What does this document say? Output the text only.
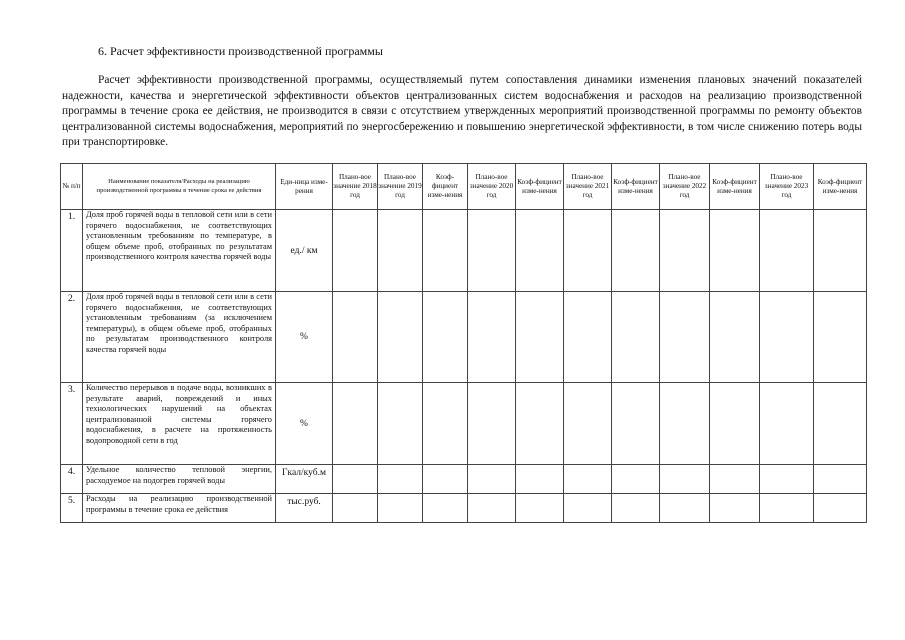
6. Расчет эффективности производственной программы
Расчет эффективности производственной программы, осуществляемый путем сопоставления динамики изменения плановых значений показателей надежности, качества и энергетической эффективности объектов централизованных систем водоснабжения и расходов на реализацию производственной программы в течение срока ее действия, не производится в связи с отсутствием утвержденных мероприятий производственной программы по ремонту объектов централизованной системы водоснабжения, мероприятий по энергосбережению и повышению энергетической эффективности, в том числе снижению потерь воды при транспортировке.
№ п/п	Наименование показателя/Расходы на реализацию производственной программы в течение срока ее действия	Еди-ница изме-рения	Плано-вое значение 2018 год	Плано-вое значение 2019 год	Коэф-фициент изме-нения	Плано-вое значение 2020 год	Коэф-фициент изме-нения	Плано-вое значение 2021 год	Коэф-фициент изме-нения	Плано-вое значение 2022 год	Коэф-фициент изме-нения	Плано-вое значение 2023 год	Коэф-фициент изме-нения
1.	Доля проб горячей воды в тепловой сети или в сети горячего водоснабжения, не соответствующих установленным требованиям по температуре, в общем объеме проб, отобранных по результатам производственного контроля качества горячей воды	ед./ км											
2.	Доля проб горячей воды в тепловой сети или в сети горячего водоснабжения, не соответствующих установленным требованиям (за исключением температуры), в общем объеме проб, отобранных по результатам производственного контроля качества горячей воды	%											
3.	Количество перерывов в подаче воды, возникших в результате аварий, повреждений и иных технологических нарушений на объектах централизованной системы горячего водоснабжения, в расчете на протяженность водопроводной сети в год	%											
4.	Удельное количество тепловой энергии, расходуемое на подогрев горячей воды	Гкал/куб.м											
5.	Расходы на реализацию производственной программы в течение срока ее действия	тыс.руб.											
